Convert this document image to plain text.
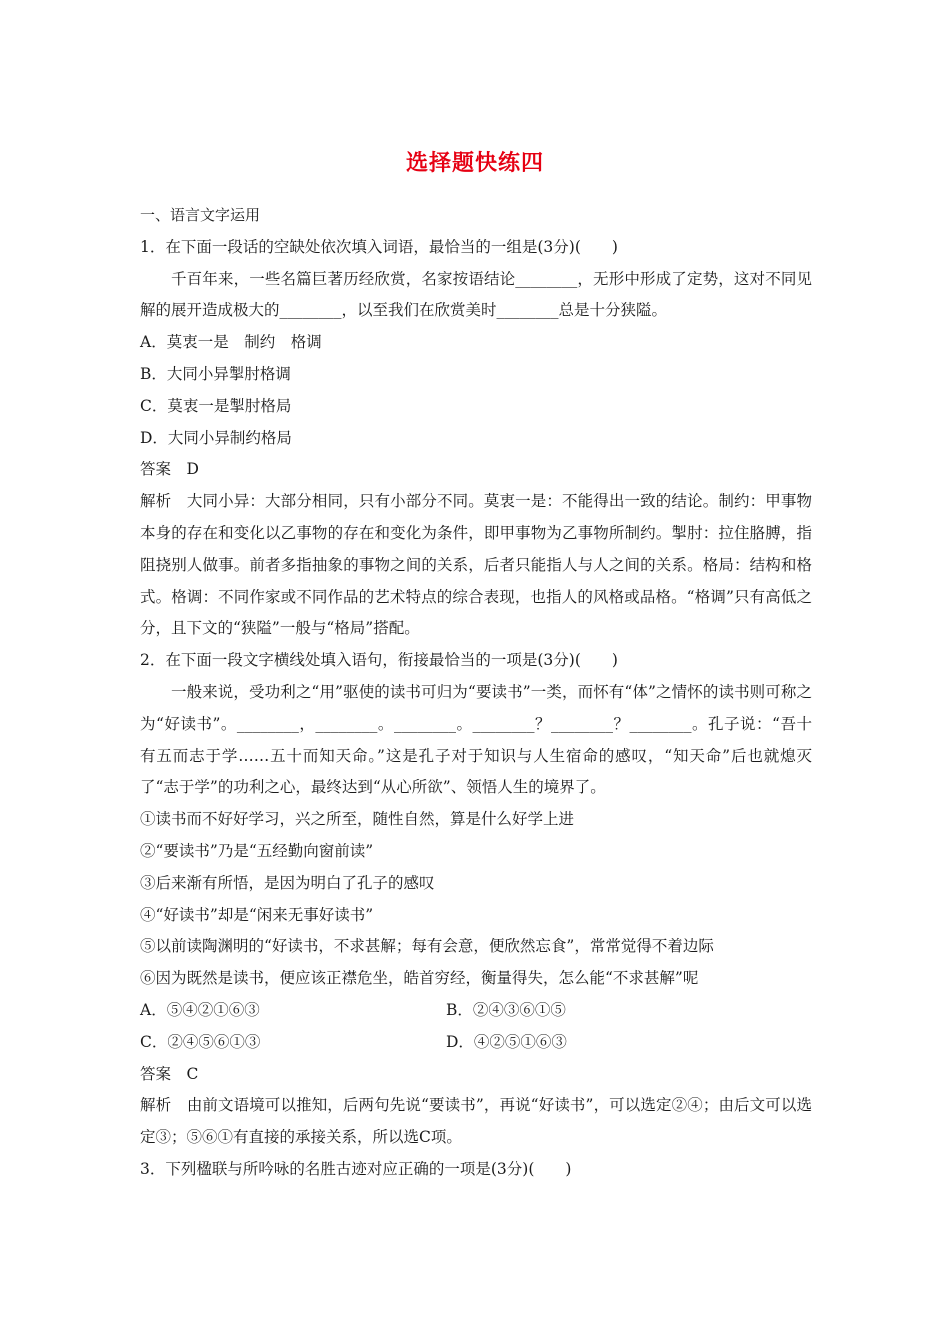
选择题快练四

一、语言文字运用

1．在下面一段话的空缺处依次填入词语，最恰当的一组是(3分)(　　)

千百年来，一些名篇巨著历经欣赏，名家按语结论________，无形中形成了定势，这对不同见解的展开造成极大的________，以至我们在欣赏美时________总是十分狭隘。

A．莫衷一是　制约　格调

B．大同小异掣肘格调

C．莫衷一是掣肘格局

D．大同小异制约格局

答案　D

解析　大同小异：大部分相同，只有小部分不同。莫衷一是：不能得出一致的结论。制约：甲事物本身的存在和变化以乙事物的存在和变化为条件，即甲事物为乙事物所制约。掣肘：拉住胳膊，指阻挠别人做事。前者多指抽象的事物之间的关系，后者只能指人与人之间的关系。格局：结构和格式。格调：不同作家或不同作品的艺术特点的综合表现，也指人的风格或品格。“格调”只有高低之分，且下文的“狭隘”一般与“格局”搭配。

2．在下面一段文字横线处填入语句，衔接最恰当的一项是(3分)(　　)

一般来说，受功利之“用”驱使的读书可归为“要读书”一类，而怀有“体”之情怀的读书则可称之为“好读书”。________，________。________。________？________？________。孔子说：“吾十有五而志于学……五十而知天命。”这是孔子对于知识与人生宿命的感叹，“知天命”后也就熄灭了“志于学”的功利之心，最终达到“从心所欲”、领悟人生的境界了。

①读书而不好好学习，兴之所至，随性自然，算是什么好学上进

②“要读书”乃是“五经勤向窗前读”

③后来渐有所悟，是因为明白了孔子的感叹

④“好读书”却是“闲来无事好读书”

⑤以前读陶渊明的“好读书，不求甚解；每有会意，便欣然忘食”，常常觉得不着边际

⑥因为既然是读书，便应该正襟危坐，皓首穷经，衡量得失，怎么能“不求甚解”呢

A．⑤④②①⑥③	B．②④③⑥①⑤
C．②④⑤⑥①③	D．④②⑤①⑥③

答案　C

解析　由前文语境可以推知，后两句先说“要读书”，再说“好读书”，可以选定②④；由后文可以选定③；⑤⑥①有直接的承接关系，所以选C项。

3．下列楹联与所吟咏的名胜古迹对应正确的一项是(3分)(　　)
